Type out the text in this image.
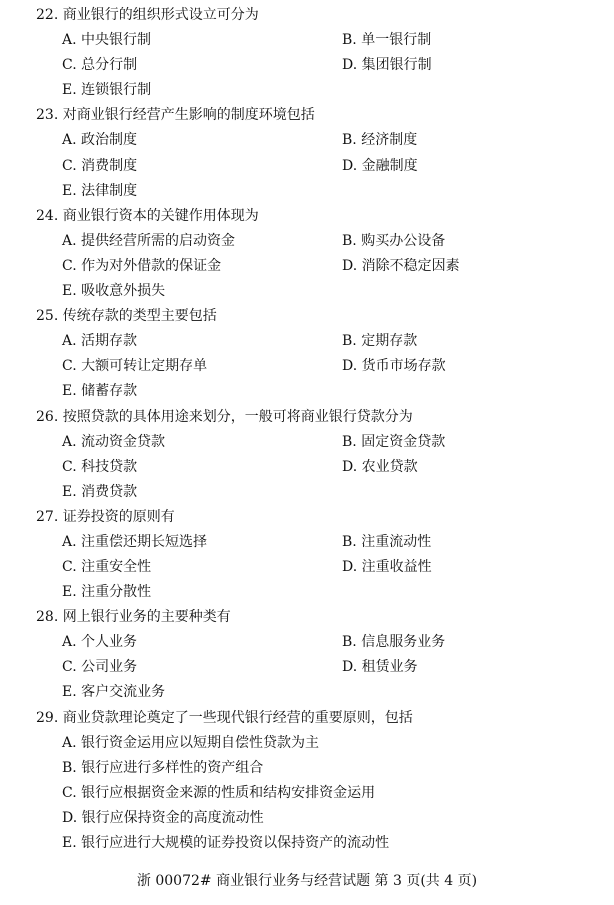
22. 商业银行的组织形式设立可分为
A. 中央银行制	B. 单一银行制
C. 总分行制	D. 集团银行制
E. 连锁银行制
23. 对商业银行经营产生影响的制度环境包括
A. 政治制度	B. 经济制度
C. 消费制度	D. 金融制度
E. 法律制度
24. 商业银行资本的关键作用体现为
A. 提供经营所需的启动资金	B. 购买办公设备
C. 作为对外借款的保证金	D. 消除不稳定因素
E. 吸收意外损失
25. 传统存款的类型主要包括
A. 活期存款	B. 定期存款
C. 大额可转让定期存单	D. 货币市场存款
E. 储蓄存款
26. 按照贷款的具体用途来划分，一般可将商业银行贷款分为
A. 流动资金贷款	B. 固定资金贷款
C. 科技贷款	D. 农业贷款
E. 消费贷款
27. 证券投资的原则有
A. 注重偿还期长短选择	B. 注重流动性
C. 注重安全性	D. 注重收益性
E. 注重分散性
28. 网上银行业务的主要种类有
A. 个人业务	B. 信息服务业务
C. 公司业务	D. 租赁业务
E. 客户交流业务
29. 商业贷款理论奠定了一些现代银行经营的重要原则，包括
A. 银行资金运用应以短期自偿性贷款为主
B. 银行应进行多样性的资产组合
C. 银行应根据资金来源的性质和结构安排资金运用
D. 银行应保持资金的高度流动性
E. 银行应进行大规模的证券投资以保持资产的流动性
浙 00072# 商业银行业务与经营试题 第 3 页(共 4 页)
